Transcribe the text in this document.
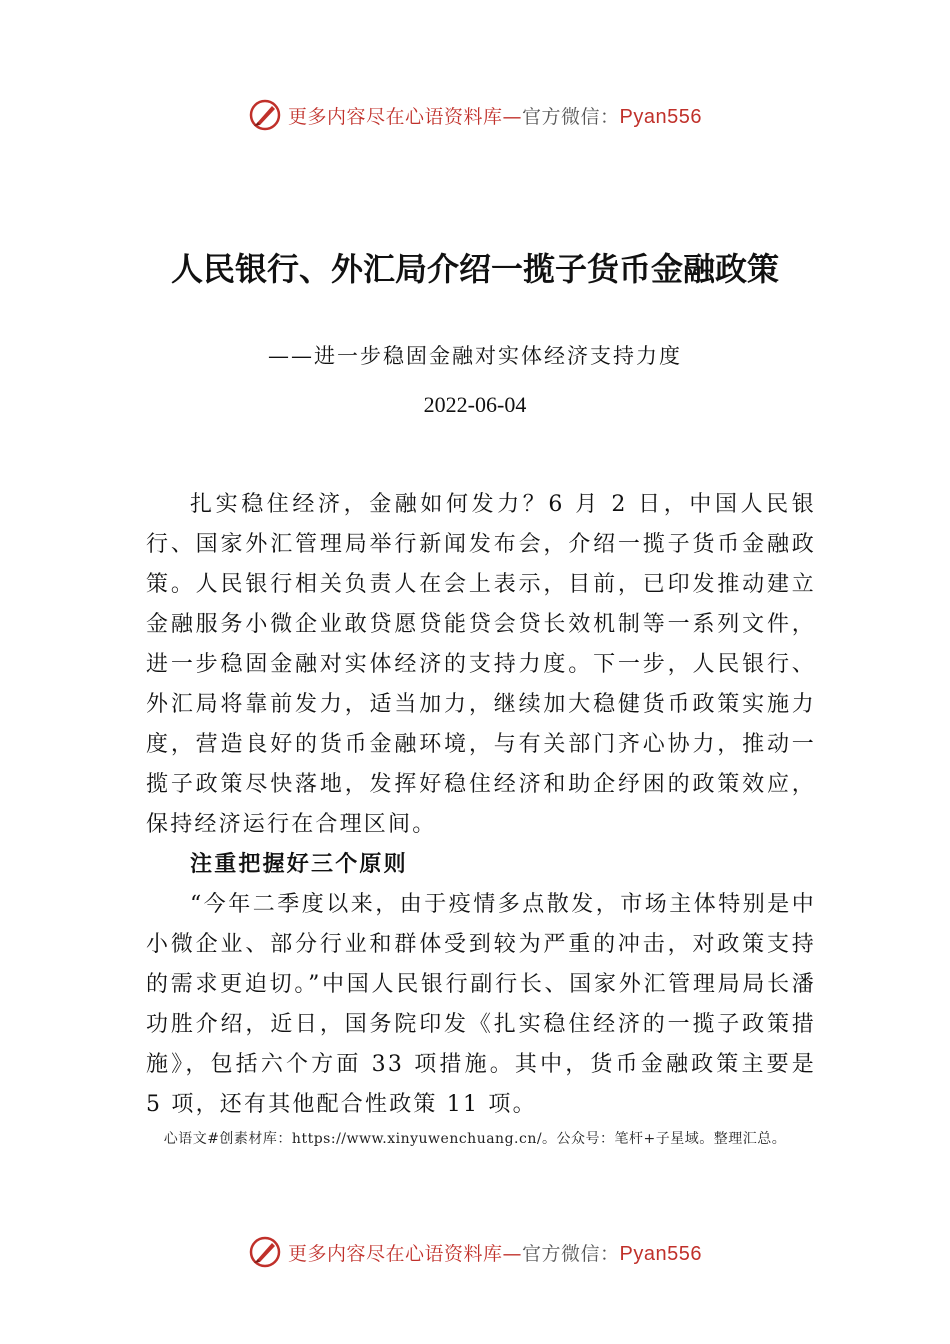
更多内容尽在心语资料库—官方微信：Pyan556
人民银行、外汇局介绍一揽子货币金融政策
——进一步稳固金融对实体经济支持力度
2022-06-04

扎实稳住经济，金融如何发力？6 月 2 日，中国人民银行、国家外汇管理局举行新闻发布会，介绍一揽子货币金融政策。人民银行相关负责人在会上表示，目前，已印发推动建立金融服务小微企业敢贷愿贷能贷会贷长效机制等一系列文件，进一步稳固金融对实体经济的支持力度。下一步，人民银行、外汇局将靠前发力，适当加力，继续加大稳健货币政策实施力度，营造良好的货币金融环境，与有关部门齐心协力，推动一揽子政策尽快落地，发挥好稳住经济和助企纾困的政策效应，保持经济运行在合理区间。

注重把握好三个原则

“今年二季度以来，由于疫情多点散发，市场主体特别是中小微企业、部分行业和群体受到较为严重的冲击，对政策支持的需求更迫切。”中国人民银行副行长、国家外汇管理局局长潘功胜介绍，近日，国务院印发《扎实稳住经济的一揽子政策措施》，包括六个方面 33 项措施。其中，货币金融政策主要是 5 项，还有其他配合性政策 11 项。

心语文#创素材库：https://www.xinyuwenchuang.cn/。公众号：笔杆+子星域。整理汇总。
更多内容尽在心语资料库—官方微信：Pyan556
